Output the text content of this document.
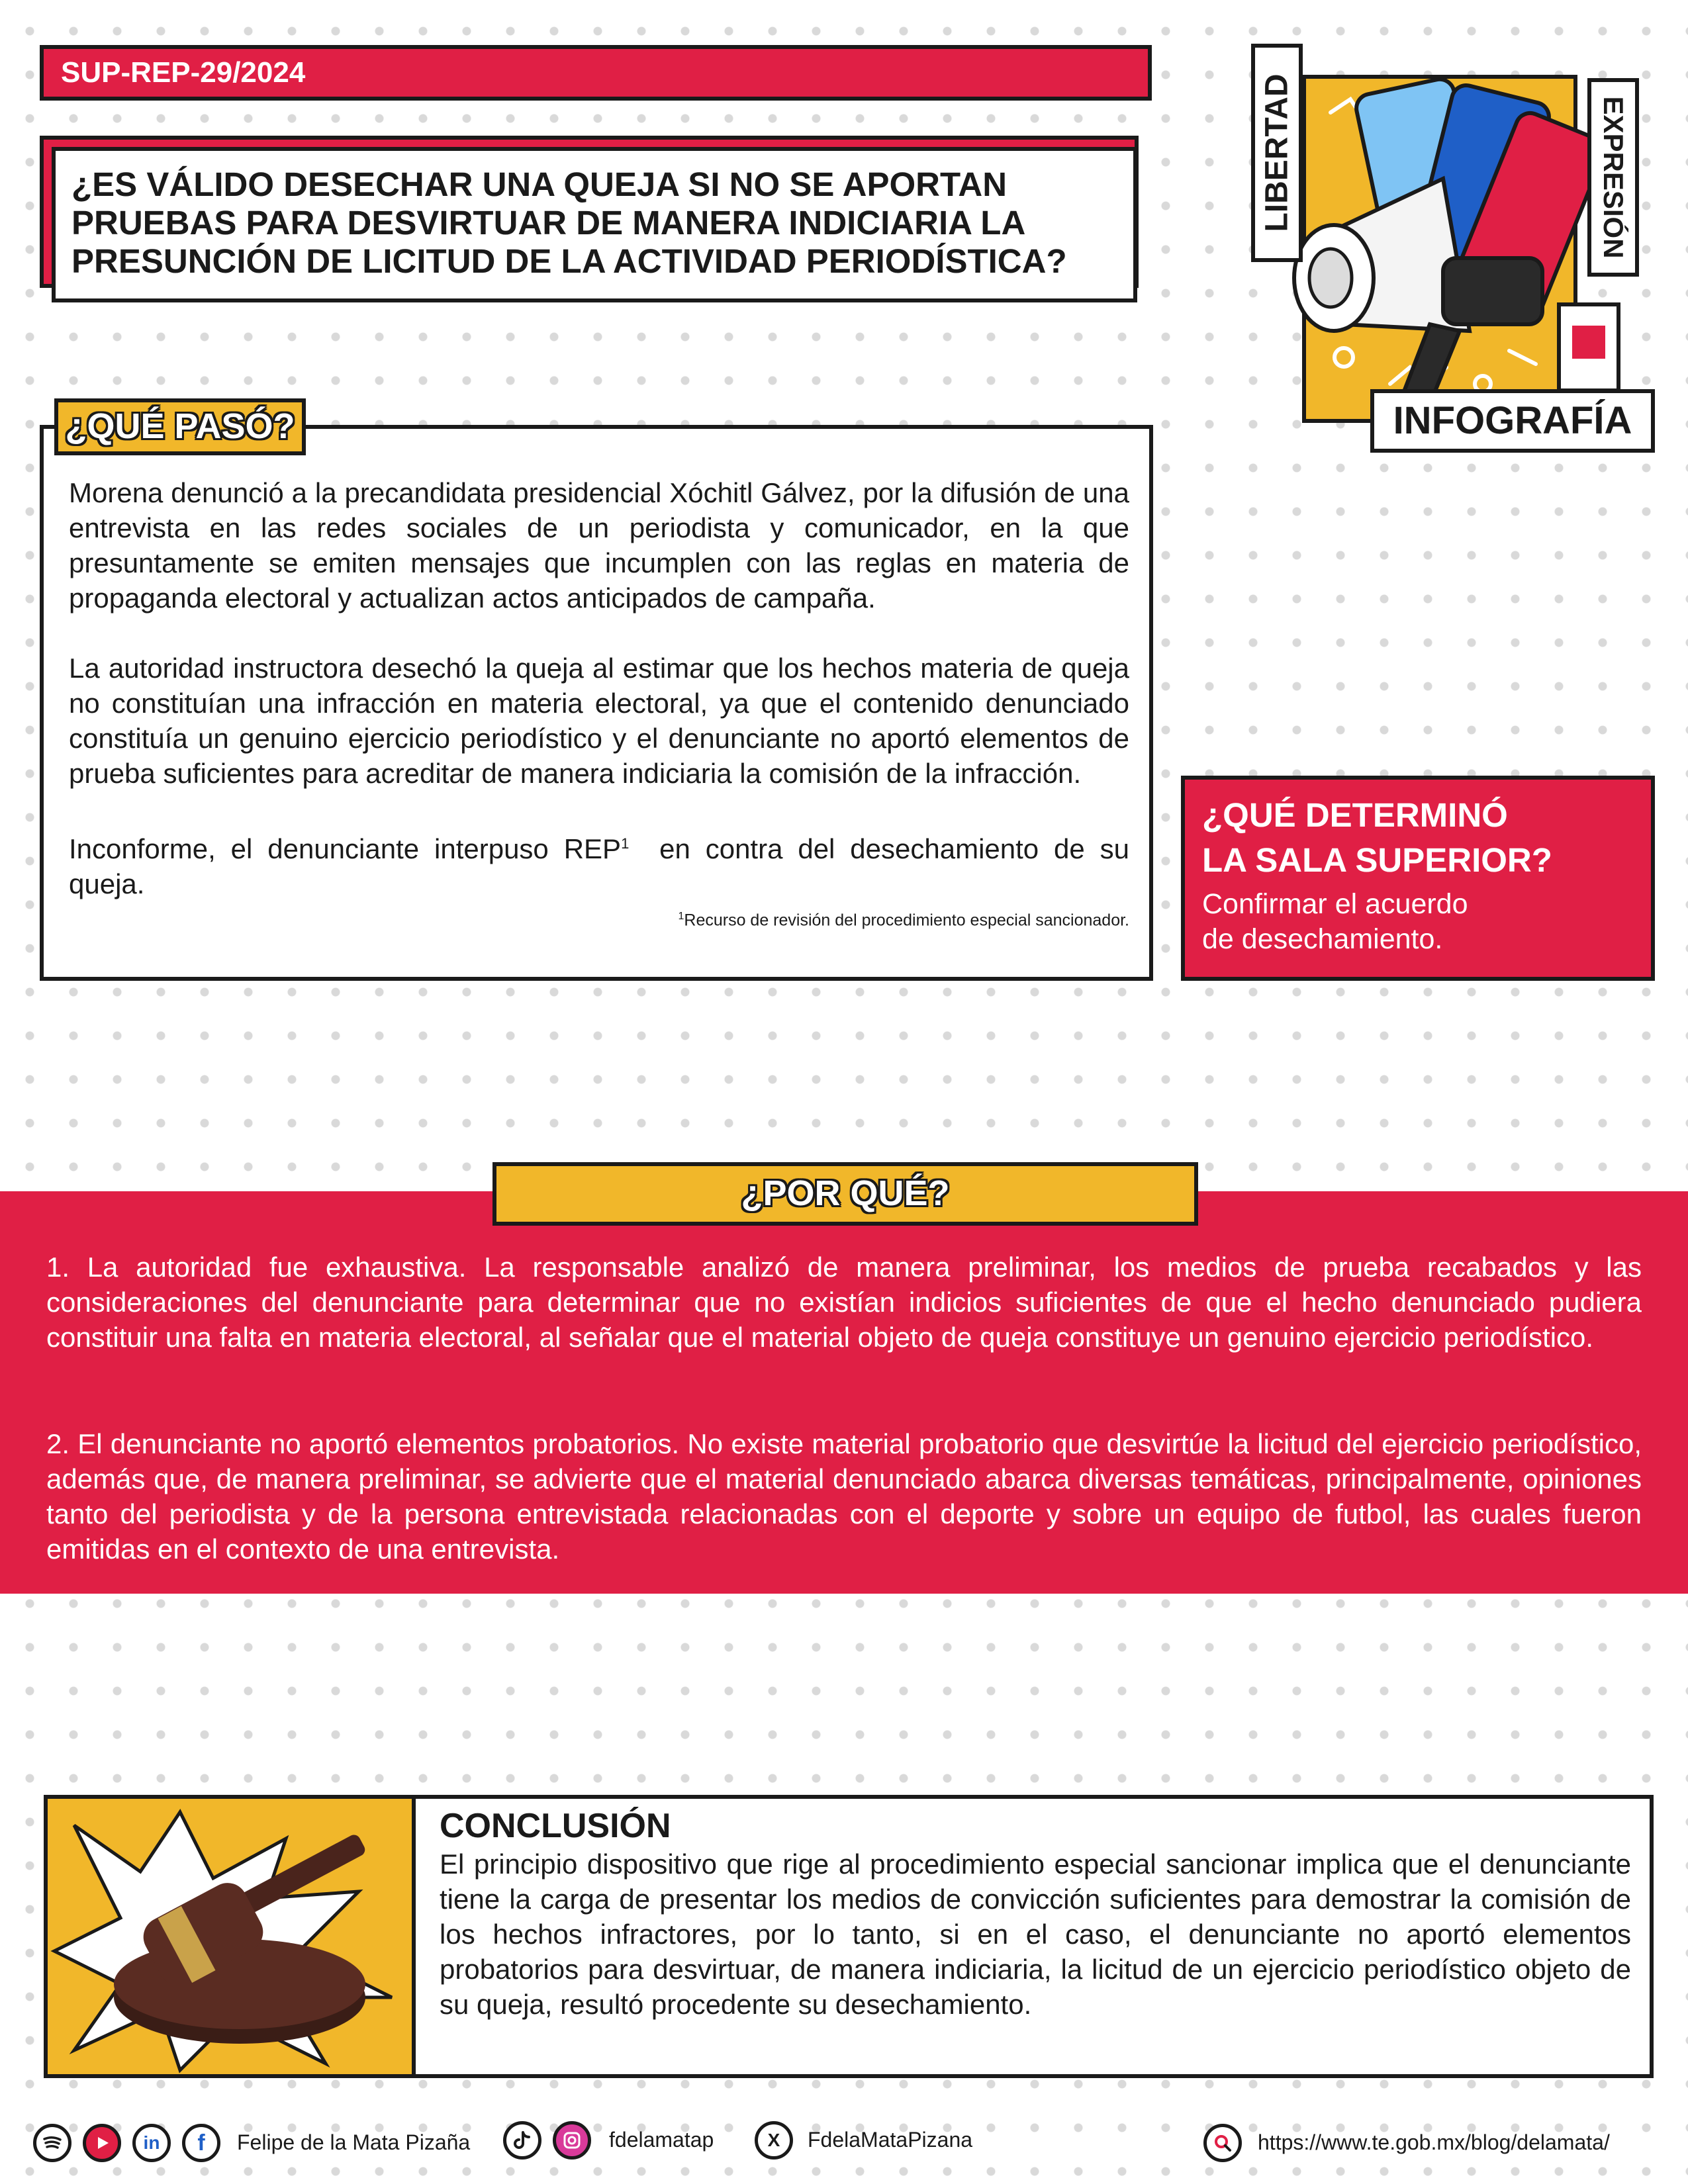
SUP-REP-29/2024
¿ES VÁLIDO DESECHAR UNA QUEJA SI NO SE APORTAN PRUEBAS PARA DESVIRTUAR DE MANERA INDICIARIA LA PRESUNCIÓN DE LICITUD DE LA ACTIVIDAD PERIODÍSTICA?
LIBERTAD	EXPRESIÓN
INFOGRAFÍA

Morena denunció a la precandidata presidencial Xóchitl Gálvez, por la difusión de una entrevista en las redes sociales de un periodista y comunicador, en la que presuntamente se emiten mensajes que incumplen con las reglas en materia de propaganda electoral y actualizan actos anticipados de campaña.

La autoridad instructora desechó la queja al estimar que los hechos materia de queja no constituían una infracción en materia electoral, ya que el contenido denunciado constituía un genuino ejercicio periodístico y el denunciante no aportó elementos de prueba suficientes para acreditar de manera indiciaria la comisión de la infracción.

Inconforme, el denunciante interpuso REP$^1$  en contra del desechamiento de su queja.

$^1$Recurso de revisión del procedimiento especial sancionador.
¿QUÉ PASÓ?
¿QUÉ DETERMINÓ
LA SALA SUPERIOR?
Confirmar el acuerdo de desechamiento.
1. La autoridad fue exhaustiva. La responsable analizó de manera preliminar, los medios de prueba recabados y las consideraciones del denunciante para determinar que no existían indicios suficientes de que el hecho denunciado pudiera constituir una falta en materia electoral, al señalar que el material objeto de queja constituye un genuino ejercicio periodístico.
2. El denunciante no aportó elementos probatorios. No existe material probatorio que desvirtúe la licitud del ejercicio periodístico, además que, de manera preliminar, se advierte que el material denunciado abarca diversas temáticas, principalmente, opiniones tanto del periodista y de la persona entrevistada relacionadas con el deporte y sobre un equipo de futbol, las cuales fueron emitidas en el contexto de una entrevista.
¿POR QUÉ?
CONCLUSIÓN
El principio dispositivo que rige al procedimiento especial sancionar implica que el denunciante tiene la carga de presentar los medios de convicción suficientes para demostrar la comisión de los hechos infractores, por lo tanto, si en el caso, el denunciante no aportó elementos probatorios para desvirtuar, de manera indiciaria, la licitud de un ejercicio periodístico objeto de su queja, resultó procedente su desechamiento.
in f Felipe de la Mata Pizaña	fdelamatap	X FdelaMataPizana	https://www.te.gob.mx/blog/delamata/
